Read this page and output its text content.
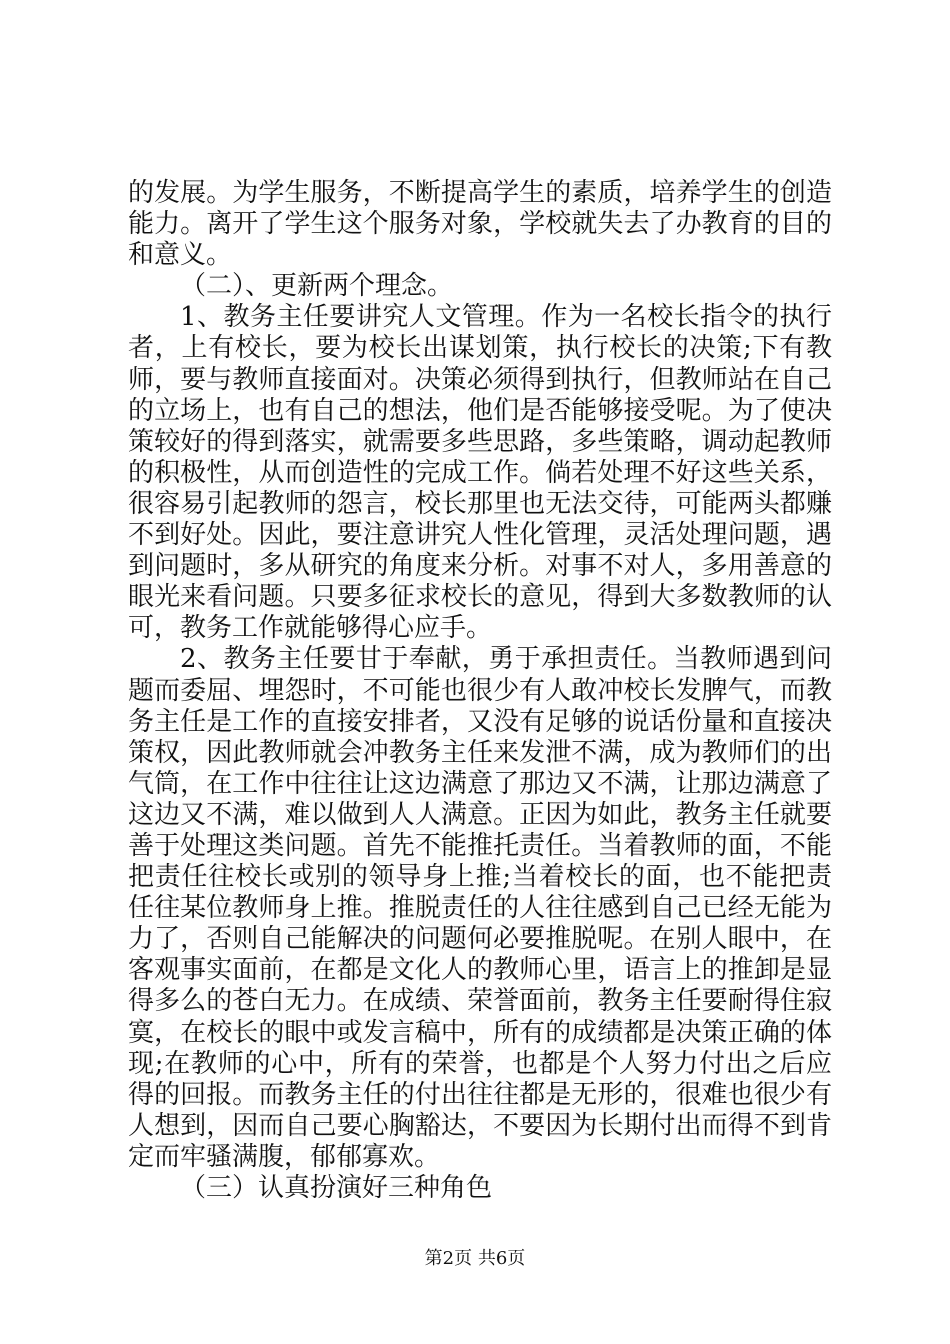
的发展。为学生服务，不断提高学生的素质，培养学生的创造能力。离开了学生这个服务对象，学校就失去了办教育的目的和意义。

（二）、更新两个理念。

1、教务主任要讲究人文管理。作为一名校长指令的执行者，上有校长，要为校长出谋划策，执行校长的决策;下有教师，要与教师直接面对。决策必须得到执行，但教师站在自己的立场上，也有自己的想法，他们是否能够接受呢。为了使决策较好的得到落实，就需要多些思路，多些策略，调动起教师的积极性，从而创造性的完成工作。倘若处理不好这些关系，很容易引起教师的怨言，校长那里也无法交待，可能两头都赚不到好处。因此，要注意讲究人性化管理，灵活处理问题，遇到问题时，多从研究的角度来分析。对事不对人，多用善意的眼光来看问题。只要多征求校长的意见，得到大多数教师的认可，教务工作就能够得心应手。

2、教务主任要甘于奉献，勇于承担责任。当教师遇到问题而委屈、埋怨时，不可能也很少有人敢冲校长发脾气，而教务主任是工作的直接安排者，又没有足够的说话份量和直接决策权，因此教师就会冲教务主任来发泄不满，成为教师们的出气筒，在工作中往往让这边满意了那边又不满，让那边满意了这边又不满，难以做到人人满意。正因为如此，教务主任就要善于处理这类问题。首先不能推托责任。当着教师的面，不能把责任往校长或别的领导身上推;当着校长的面，也不能把责任往某位教师身上推。推脱责任的人往往感到自己已经无能为力了，否则自己能解决的问题何必要推脱呢。在别人眼中，在客观事实面前，在都是文化人的教师心里，语言上的推卸是显得多么的苍白无力。在成绩、荣誉面前，教务主任要耐得住寂寞，在校长的眼中或发言稿中，所有的成绩都是决策正确的体现;在教师的心中，所有的荣誉，也都是个人努力付出之后应得的回报。而教务主任的付出往往都是无形的，很难也很少有人想到，因而自己要心胸豁达，不要因为长期付出而得不到肯定而牢骚满腹，郁郁寡欢。

（三）认真扮演好三种角色

第2页 共6页
